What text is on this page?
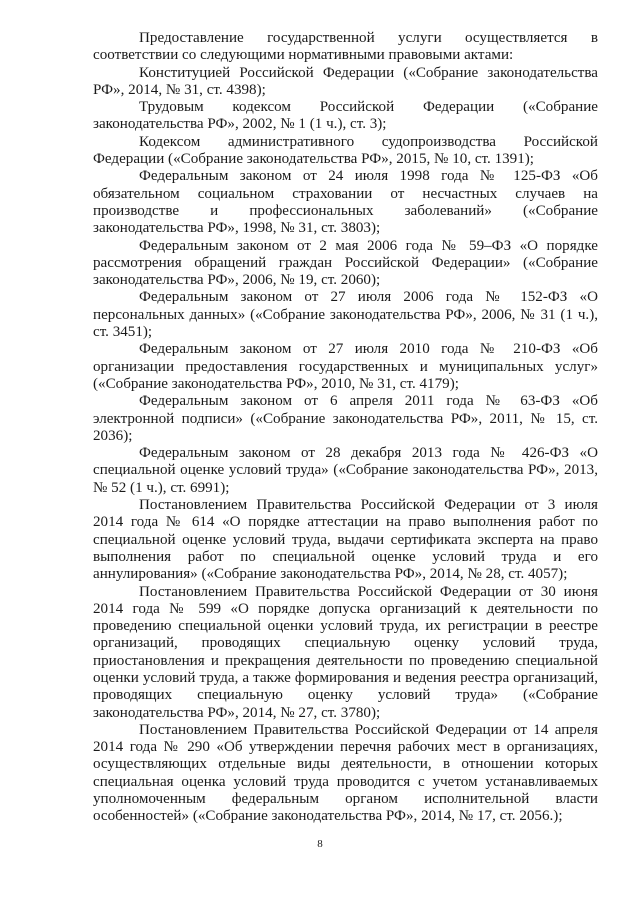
Предоставление государственной услуги осуществляется в соответствии со следующими нормативными правовыми актами:

Конституцией Российской Федерации («Собрание законодательства РФ», 2014, № 31, ст. 4398);

Трудовым кодексом Российской Федерации («Собрание законодательства РФ», 2002, № 1 (1 ч.), ст. 3);

Кодексом административного судопроизводства Российской Федерации («Собрание законодательства РФ», 2015, № 10, ст. 1391);

Федеральным законом от 24 июля 1998 года № 125-ФЗ «Об обязательном социальном страховании от несчастных случаев на производстве и профессиональных заболеваний» («Собрание законодательства РФ», 1998, № 31, ст. 3803);

Федеральным законом от 2 мая 2006 года № 59–ФЗ «О порядке рассмотрения обращений граждан Российской Федерации» («Собрание законодательства РФ», 2006, № 19, ст. 2060);

Федеральным законом от 27 июля 2006 года № 152-ФЗ «О персональных данных» («Собрание законодательства РФ», 2006, № 31 (1 ч.), ст. 3451);

Федеральным законом от 27 июля 2010 года № 210-ФЗ «Об организации предоставления государственных и муниципальных услуг» («Собрание законодательства РФ», 2010, № 31, ст. 4179);

Федеральным законом от 6 апреля 2011 года № 63-ФЗ «Об электронной подписи» («Собрание законодательства РФ», 2011, № 15, ст. 2036);

Федеральным законом от 28 декабря 2013 года № 426-ФЗ «О специальной оценке условий труда» («Собрание законодательства РФ», 2013, № 52 (1 ч.), ст. 6991);

Постановлением Правительства Российской Федерации от 3 июля 2014 года № 614 «О порядке аттестации на право выполнения работ по специальной оценке условий труда, выдачи сертификата эксперта на право выполнения работ по специальной оценке условий труда и его аннулирования» («Собрание законодательства РФ», 2014, № 28, ст. 4057);

Постановлением Правительства Российской Федерации от 30 июня 2014 года № 599 «О порядке допуска организаций к деятельности по проведению специальной оценки условий труда, их регистрации в реестре организаций, проводящих специальную оценку условий труда, приостановления и прекращения деятельности по проведению специальной оценки условий труда, а также формирования и ведения реестра организаций, проводящих специальную оценку условий труда» («Собрание законодательства РФ», 2014, № 27, ст. 3780);

Постановлением Правительства Российской Федерации от 14 апреля 2014 года № 290 «Об утверждении перечня рабочих мест в организациях, осуществляющих отдельные виды деятельности, в отношении которых специальная оценка условий труда проводится с учетом устанавливаемых уполномоченным федеральным органом исполнительной власти особенностей» («Собрание законодательства РФ», 2014, № 17, ст. 2056.);

8
